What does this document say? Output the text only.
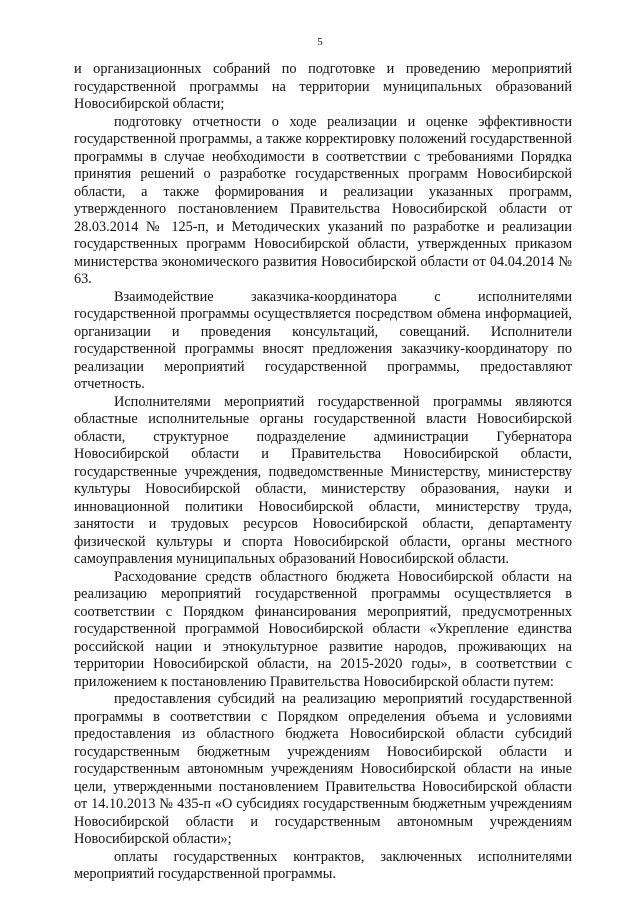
5

и организационных собраний по подготовке и проведению мероприятий государственной программы на территории муниципальных образований Новосибирской области;

подготовку отчетности о ходе реализации и оценке эффективности государственной программы, а также корректировку положений государственной программы в случае необходимости в соответствии с требованиями Порядка принятия решений о разработке государственных программ Новосибирской области, а также формирования и реализации указанных программ, утвержденного постановлением Правительства Новосибирской области от 28.03.2014 № 125-п, и Методических указаний по разработке и реализации государственных программ Новосибирской области, утвержденных приказом министерства экономического развития Новосибирской области от 04.04.2014 № 63.

Взаимодействие заказчика-координатора с исполнителями государственной программы осуществляется посредством обмена информацией, организации и проведения консультаций, совещаний. Исполнители государственной программы вносят предложения заказчику-координатору по реализации мероприятий государственной программы, предоставляют отчетность.

Исполнителями мероприятий государственной программы являются областные исполнительные органы государственной власти Новосибирской области, структурное подразделение администрации Губернатора Новосибирской области и Правительства Новосибирской области, государственные учреждения, подведомственные Министерству, министерству культуры Новосибирской области, министерству образования, науки и инновационной политики Новосибирской области, министерству труда, занятости и трудовых ресурсов Новосибирской области, департаменту физической культуры и спорта Новосибирской области, органы местного самоуправления муниципальных образований Новосибирской области.

Расходование средств областного бюджета Новосибирской области на реализацию мероприятий государственной программы осуществляется в соответствии с Порядком финансирования мероприятий, предусмотренных государственной программой Новосибирской области «Укрепление единства российской нации и этнокультурное развитие народов, проживающих на территории Новосибирской области, на 2015-2020 годы», в соответствии с приложением к постановлению Правительства Новосибирской области путем:

предоставления субсидий на реализацию мероприятий государственной программы в соответствии с Порядком определения объема и условиями предоставления из областного бюджета Новосибирской области субсидий государственным бюджетным учреждениям Новосибирской области и государственным автономным учреждениям Новосибирской области на иные цели, утвержденными постановлением Правительства Новосибирской области от 14.10.2013 № 435-п «О субсидиях государственным бюджетным учреждениям Новосибирской области и государственным автономным учреждениям Новосибирской области»;

оплаты государственных контрактов, заключенных исполнителями мероприятий государственной программы.
